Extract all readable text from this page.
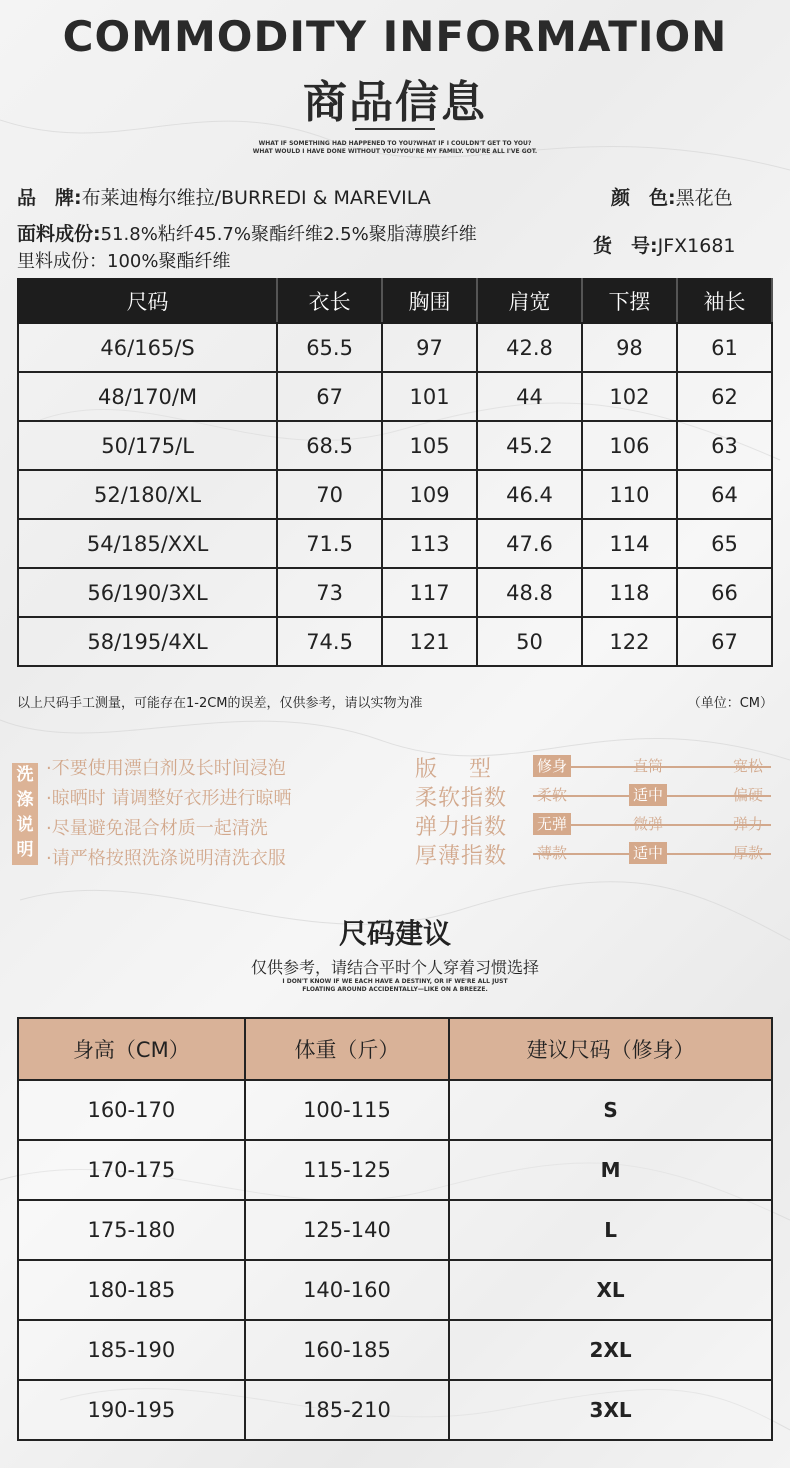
COMMODITY INFORMATION
商品信息
WHAT IF SOMETHING HAD HAPPENED TO YOU?WHAT IF I COULDN'T GET TO YOU?
WHAT WOULD I HAVE DONE WITHOUT YOU?YOU'RE MY FAMILY. YOU'RE ALL I'VE GOT.
品　牌:布莱迪梅尔维拉/BURREDI & MAREVILA	颜　色:黑花色
面料成份:51.8%粘纤45.7%聚酯纤维2.5%聚脂薄膜纤维
货　号:JFX1681
里料成份：100%聚酯纤维
尺码	衣长	胸围	肩宽	下摆	袖长
46/165/S	65.5	97	42.8	98	61
48/170/M	67	101	44	102	62
50/175/L	68.5	105	45.2	106	63
52/180/XL	70	109	46.4	110	64
54/185/XXL	71.5	113	47.6	114	65
56/190/3XL	73	117	48.8	118	66
58/195/4XL	74.5	121	50	122	67
以上尺码手工测量，可能存在1-2CM的误差，仅供参考，请以实物为准	（单位：CM）
洗
涤
说
明
·不要使用漂白剂及长时间浸泡
·晾晒时 请调整好衣形进行晾晒
·尽量避免混合材质一起清洗
·请严格按照洗涤说明清洗衣服
版　 型	修身	直筒	宽松
柔软指数 柔软	适中	偏硬
弹力指数 无弹	微弹	弹力
厚薄指数 薄款	适中	厚款
尺码建议
仅供参考，请结合平时个人穿着习惯选择
I DON'T KNOW IF WE EACH HAVE A DESTINY, OR IF WE'RE ALL JUST
FLOATING AROUND ACCIDENTALLY—LIKE ON A BREEZE.
身高（CM）	体重（斤）	建议尺码（修身）
160-170	100-115	S
170-175	115-125	M
175-180	125-140	L
180-185	140-160	XL
185-190	160-185	2XL
190-195	185-210	3XL
